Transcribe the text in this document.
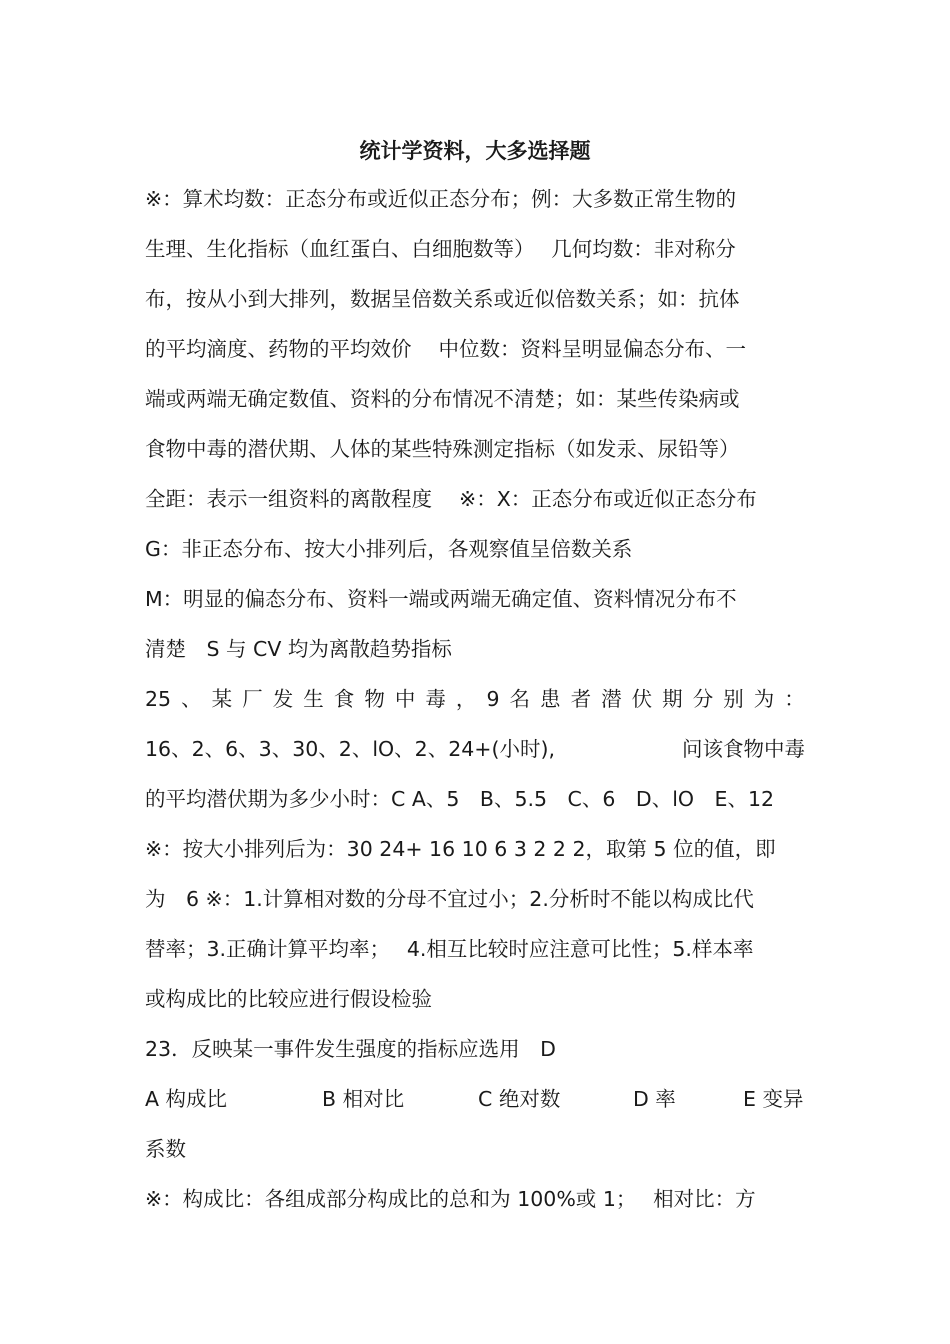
统计学资料，大多选择题
※：算术均数：正态分布或近似正态分布；例：大多数正常生物的
生理、生化指标（血红蛋白、白细胞数等）　 几何均数：非对称分
布，按从小到大排列，数据呈倍数关系或近似倍数关系；如：抗体
的平均滴度、药物的平均效价　 中位数：资料呈明显偏态分布、一
端或两端无确定数值、资料的分布情况不清楚；如：某些传染病或
食物中毒的潜伏期、人体的某些特殊测定指标（如发汞、尿铅等）
全距：表示一组资料的离散程度　 ※：X：正态分布或近似正态分布
G：非正态分布、按大小排列后，各观察值呈倍数关系
M：明显的偏态分布、资料一端或两端无确定值、资料情况分布不
清楚　S 与 CV 均为离散趋势指标
25 、 某 厂 发 生 食 物 中 毒 ， 9 名 患 者 潜 伏 期 分 别 为 ：
16、2、6、3、30、2、lO、2、24+(小时),	问该食物中毒
的平均潜伏期为多少小时：C A、5　B、5.5　C、6　D、lO　E、12
※：按大小排列后为：30 24+ 16 10 6 3 2 2 2，取第 5 位的值，即
为　6 ※：1.计算相对数的分母不宜过小；2.分析时不能以构成比代
替率；3.正确计算平均率；　 4.相互比较时应注意可比性；5.样本率
或构成比的比较应进行假设检验
23．反映某一事件发生强度的指标应选用　D
A 构成比	B 相对比	C 绝对数	D 率	E 变异
系数
※：构成比：各组成部分构成比的总和为 100%或 1；　 相对比：方
